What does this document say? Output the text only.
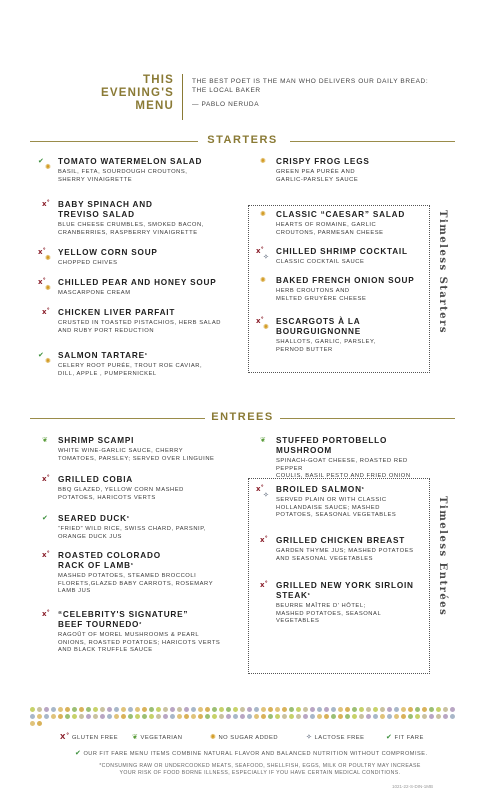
THIS
EVENING'S
MENU
THE BEST POET IS THE MAN WHO DELIVERS OUR DAILY BREAD:
THE LOCAL BAKER
— PABLO NERUDA
STARTERS
✔
✺
TOMATO WATERMELON SALAD
BASIL, FETA, SOURDOUGH CROUTONS,
SHERRY VINAIGRETTE
x˚ BABY SPINACH AND
TREVISO SALAD
BLUE CHEESE CRUMBLES, SMOKED BACON,
CRANBERRIES, RASPBERRY VINAIGRETTE
x˚
✺
YELLOW CORN SOUP
CHOPPED CHIVES
x˚
✺
CHILLED PEAR AND HONEY SOUP
MASCARPONE CREAM
x˚ CHICKEN LIVER PARFAIT
CRUSTED IN TOASTED PISTACHIOS, HERB SALAD
AND RUBY PORT REDUCTION
✔
✺
SALMON TARTARE*
CELERY ROOT PURÉE, TROUT ROE CAVIAR,
DILL, APPLE , PUMPERNICKEL
✺ CRISPY FROG LEGS
GREEN PEA PURÉE AND
GARLIC-PARSLEY SAUCE
✺ CLASSIC “CAESAR” SALAD
HEARTS OF ROMAINE, GARLIC
CROUTONS, PARMESAN CHEESE
x˚
✧
CHILLED SHRIMP COCKTAIL
CLASSIC COCKTAIL SAUCE
✺ BAKED FRENCH ONION SOUP
HERB CROUTONS AND
MELTED GRUYÈRE CHEESE
x˚
✺
ESCARGOTS À LA
BOURGUIGNONNE
SHALLOTS, GARLIC, PARSLEY,
PERNOD BUTTER
Timeless Starters
ENTREES
❦ SHRIMP SCAMPI
WHITE WINE-GARLIC SAUCE, CHERRY
TOMATOES, PARSLEY; SERVED OVER LINGUINE
x˚ GRILLED COBIA
BBQ GLAZED, YELLOW CORN MASHED
POTATOES, HARICOTS VERTS
✔ SEARED DUCK*
“FRIED” WILD RICE, SWISS CHARD, PARSNIP,
ORANGE DUCK JUS
x˚ ROASTED COLORADO
RACK OF LAMB*
MASHED POTATOES, STEAMED BROCCOLI
FLORETS,GLAZED BABY CARROTS, ROSEMARY
LAMB JUS
x˚ “CELEBRITY'S SIGNATURE”
BEEF TOURNEDO*
RAGOÛT OF MOREL MUSHROOMS & PEARL
ONIONS, ROASTED POTATOES; HARICOTS VERTS
AND BLACK TRUFFLE SAUCE
❦ STUFFED PORTOBELLO MUSHROOM
SPINACH-GOAT CHEESE, ROASTED RED PEPPER
COULIS, BASIL PESTO AND FRIED ONION
x˚
✧
BROILED SALMON*
SERVED PLAIN OR WITH CLASSIC
HOLLANDAISE SAUCE; MASHED
POTATOES, SEASONAL VEGETABLES
x˚ GRILLED CHICKEN BREAST
GARDEN THYME JUS; MASHED POTATOES
AND SEASONAL VEGETABLES
x˚ GRILLED NEW YORK SIRLOIN
STEAK*
BEURRE MAÎTRE D' HÔTEL;
MASHED POTATOES, SEASONAL
VEGETABLES
Timeless Entrées
X˚ GLUTEN FREE ❦ VEGETARIAN	✺ NO SUGAR ADDED	✧ LACTOSE FREE	✔ FIT FARE
✔ OUR FIT FARE MENU ITEMS COMBINE NATURAL FLAVOR AND BALANCED NUTRITION WITHOUT COMPROMISE.
*CONSUMING RAW OR UNDERCOOKED MEATS, SEAFOOD, SHELLFISH, EGGS, MILK OR POULTRY MAY INCREASE
YOUR RISK OF FOOD BORNE ILLNESS, ESPECIALLY IF YOU HAVE CERTAIN MEDICAL CONDITIONS.
1021-22-S-DIN-1MB
